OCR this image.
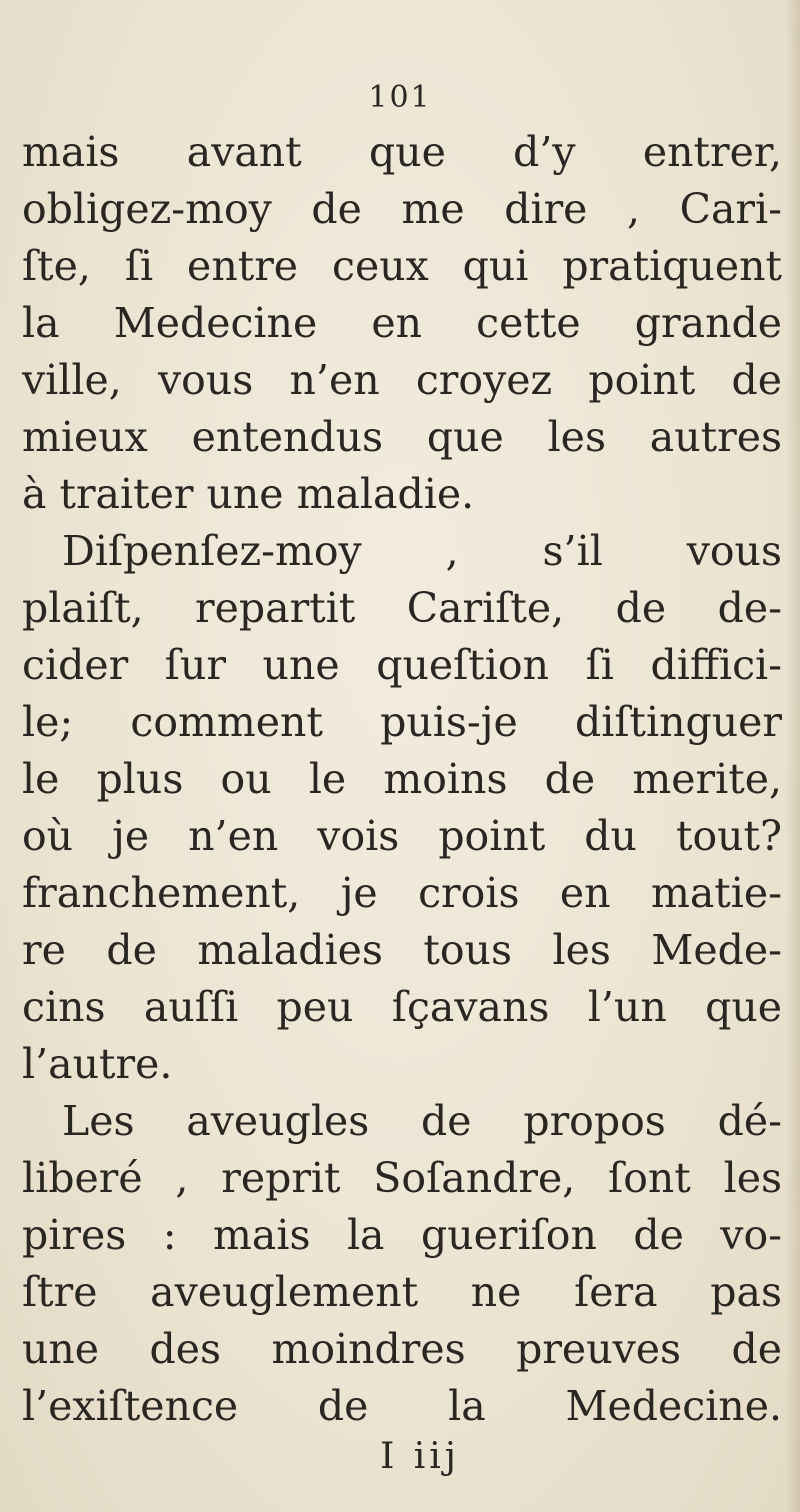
101
mais avant que d’y entrer,
obligez-moy de me dire , Cari-
ſte, ſi entre ceux qui pratiquent
la Medecine en cette grande
ville, vous n’en croyez point de
mieux entendus que les autres
à traiter une maladie.
Diſpenſez-moy , s’il vous
plaiſt, repartit Cariſte, de de-
cider ſur une queſtion ſi diffici-
le; comment puis-je diſtinguer
le plus ou le moins de merite,
où je n’en vois point du tout?
franchement, je crois en matie-
re de maladies tous les Mede-
cins auſſi peu ſçavans l’un que
l’autre.
Les aveugles de propos dé-
liberé , reprit Soſandre, ſont les
pires : mais la gueriſon de vo-
ſtre aveuglement ne ſera pas
une des moindres preuves de
l’exiſtence de la Medecine.
I iij
